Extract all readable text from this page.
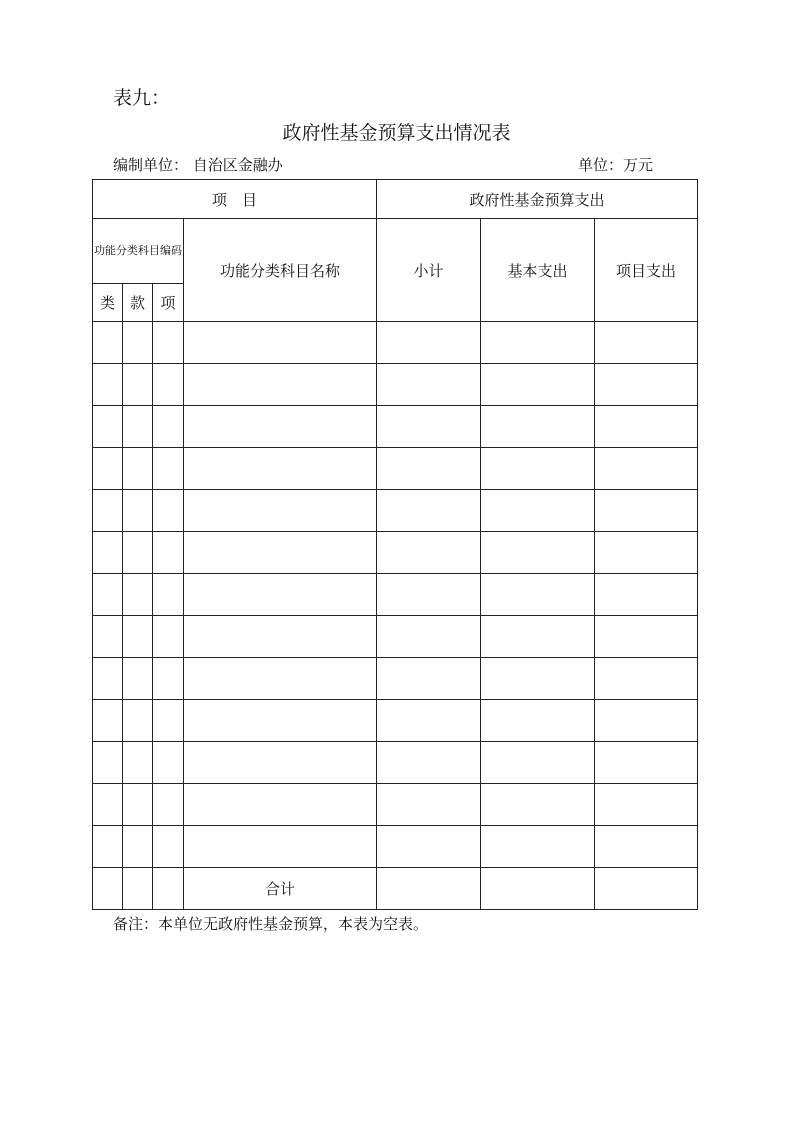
表九：
政府性基金预算支出情况表
编制单位： 自治区金融办	单位：万元
项　目				政府性基金预算支出		
功能分类科目编码			功能分类科目名称	小计	基本支出	项目支出
类	款	项				

			合计			
备注：本单位无政府性基金预算，本表为空表。
